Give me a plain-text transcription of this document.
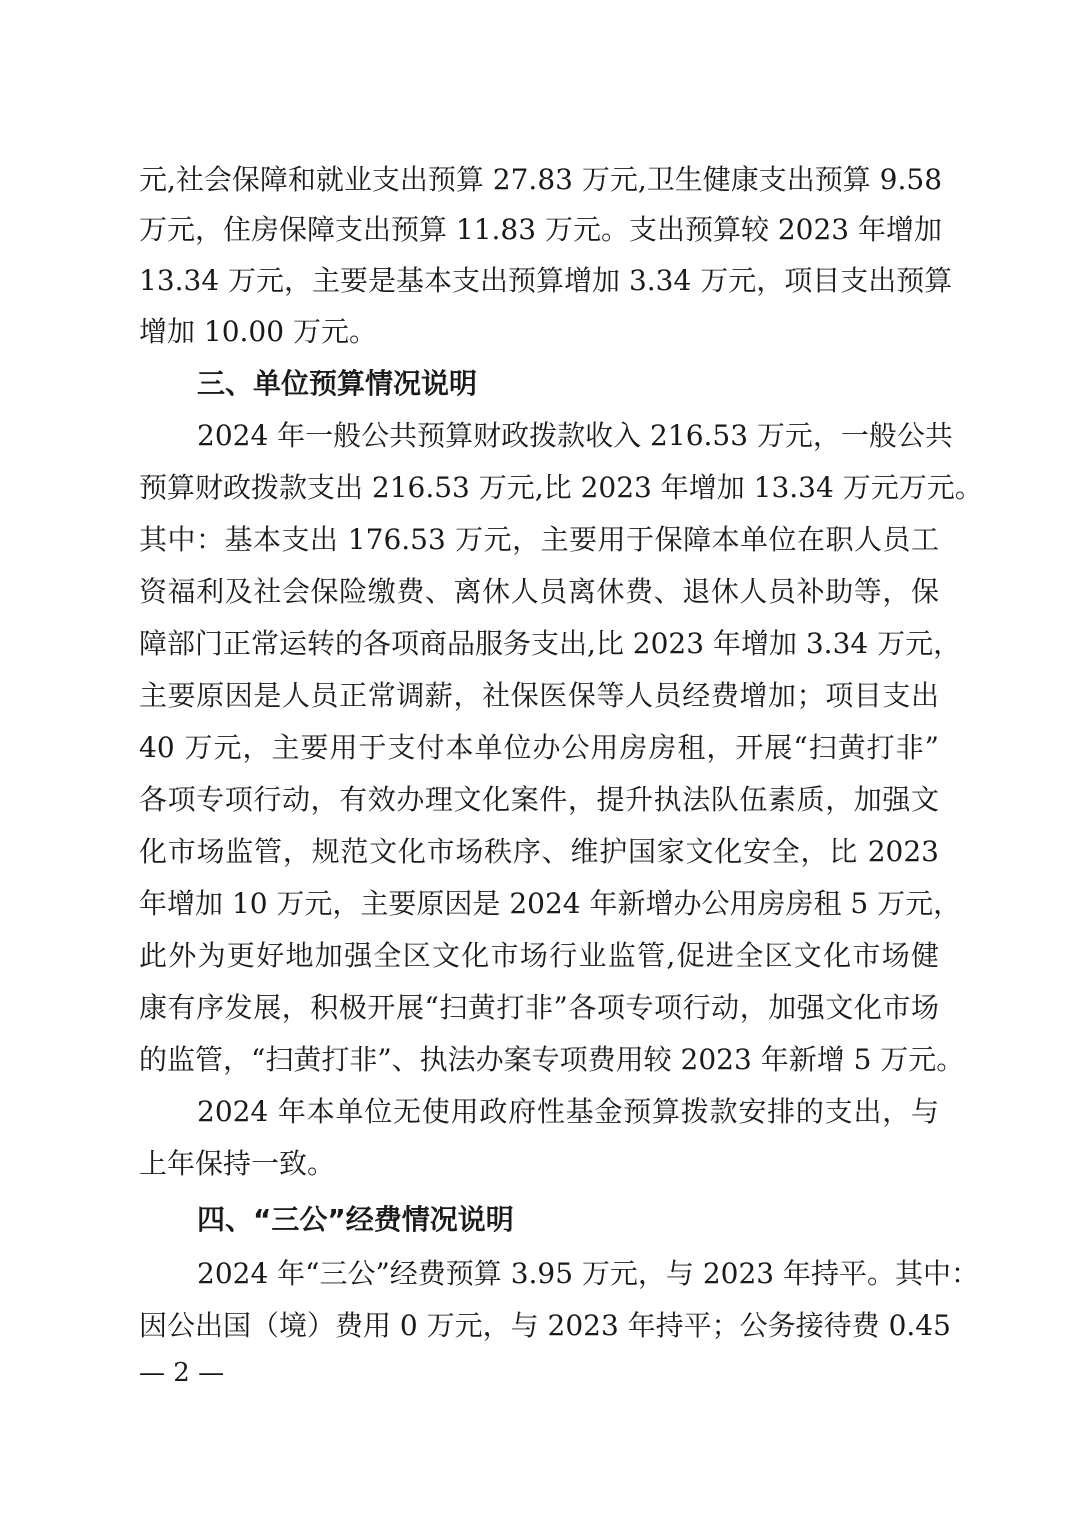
元,社会保障和就业支出预算 27.83 万元,卫生健康支出预算 9.58
万元，住房保障支出预算 11.83 万元。支出预算较 2023 年增加
13.34 万元，主要是基本支出预算增加 3.34 万元，项目支出预算
增加 10.00 万元。
三、单位预算情况说明
2024 年一般公共预算财政拨款收入 216.53 万元，一般公共
预算财政拨款支出 216.53 万元,比 2023 年增加 13.34 万元万元。
其中：基本支出 176.53 万元，主要用于保障本单位在职人员工
资福利及社会保险缴费、离休人员离休费、退休人员补助等，保
障部门正常运转的各项商品服务支出,比 2023 年增加 3.34 万元，
主要原因是人员正常调薪，社保医保等人员经费增加；项目支出
40 万元，主要用于支付本单位办公用房房租，开展“扫黄打非”
各项专项行动，有效办理文化案件，提升执法队伍素质，加强文
化市场监管，规范文化市场秩序、维护国家文化安全，比 2023
年增加 10 万元，主要原因是 2024 年新增办公用房房租 5 万元，
此外为更好地加强全区文化市场行业监管,促进全区文化市场健
康有序发展，积极开展“扫黄打非”各项专项行动，加强文化市场
的监管，“扫黄打非”、执法办案专项费用较 2023 年新增 5 万元。
2024 年本单位无使用政府性基金预算拨款安排的支出，与
上年保持一致。
四、“三公”经费情况说明
2024 年“三公”经费预算 3.95 万元，与 2023 年持平。其中：
因公出国（境）费用 0 万元，与 2023 年持平；公务接待费 0.45
— 2 —
